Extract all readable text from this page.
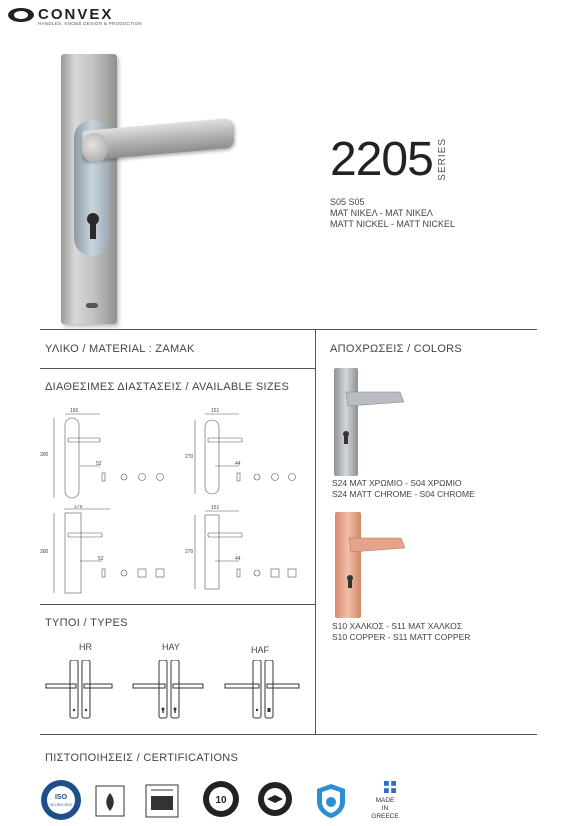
CONVEX
HANDLES, KNOBS DESIGN & PRODUCTION
2205 SERIES
S05 S05
ΜΑΤ ΝΙΚΕΛ - ΜΑΤ ΝΙΚΕΛ
MATT NICKEL - MATT NICKEL
ΥΛΙΚΟ / MATERIAL : ZAMAK
ΔΙΑΘΕΣΙΜΕΣ ΔΙΑΣΤΑΣΕΙΣ / AVAILABLE SIZES
ΑΠΟΧΡΩΣΕΙΣ / COLORS
ΤΥΠΟΙ / TYPES
ΠΙΣΤΟΠΟΙΗΣΕΙΣ / CERTIFICATIONS
160
300
52
151
270
44
179
300
52
151
270
44
S24 ΜΑΤ ΧΡΩΜΙΟ - S04 ΧΡΩΜΙΟ
S24 MATT CHROME - S04 CHROME
S10 ΧΑΛΚΟΣ - S11 ΜΑΤ ΧΑΛΚΟΣ
S10 COPPER - S11 MATT COPPER
HR	HAY	HAF
ISO
ISO 9001:2015	10	MADE
IN
GREECE
